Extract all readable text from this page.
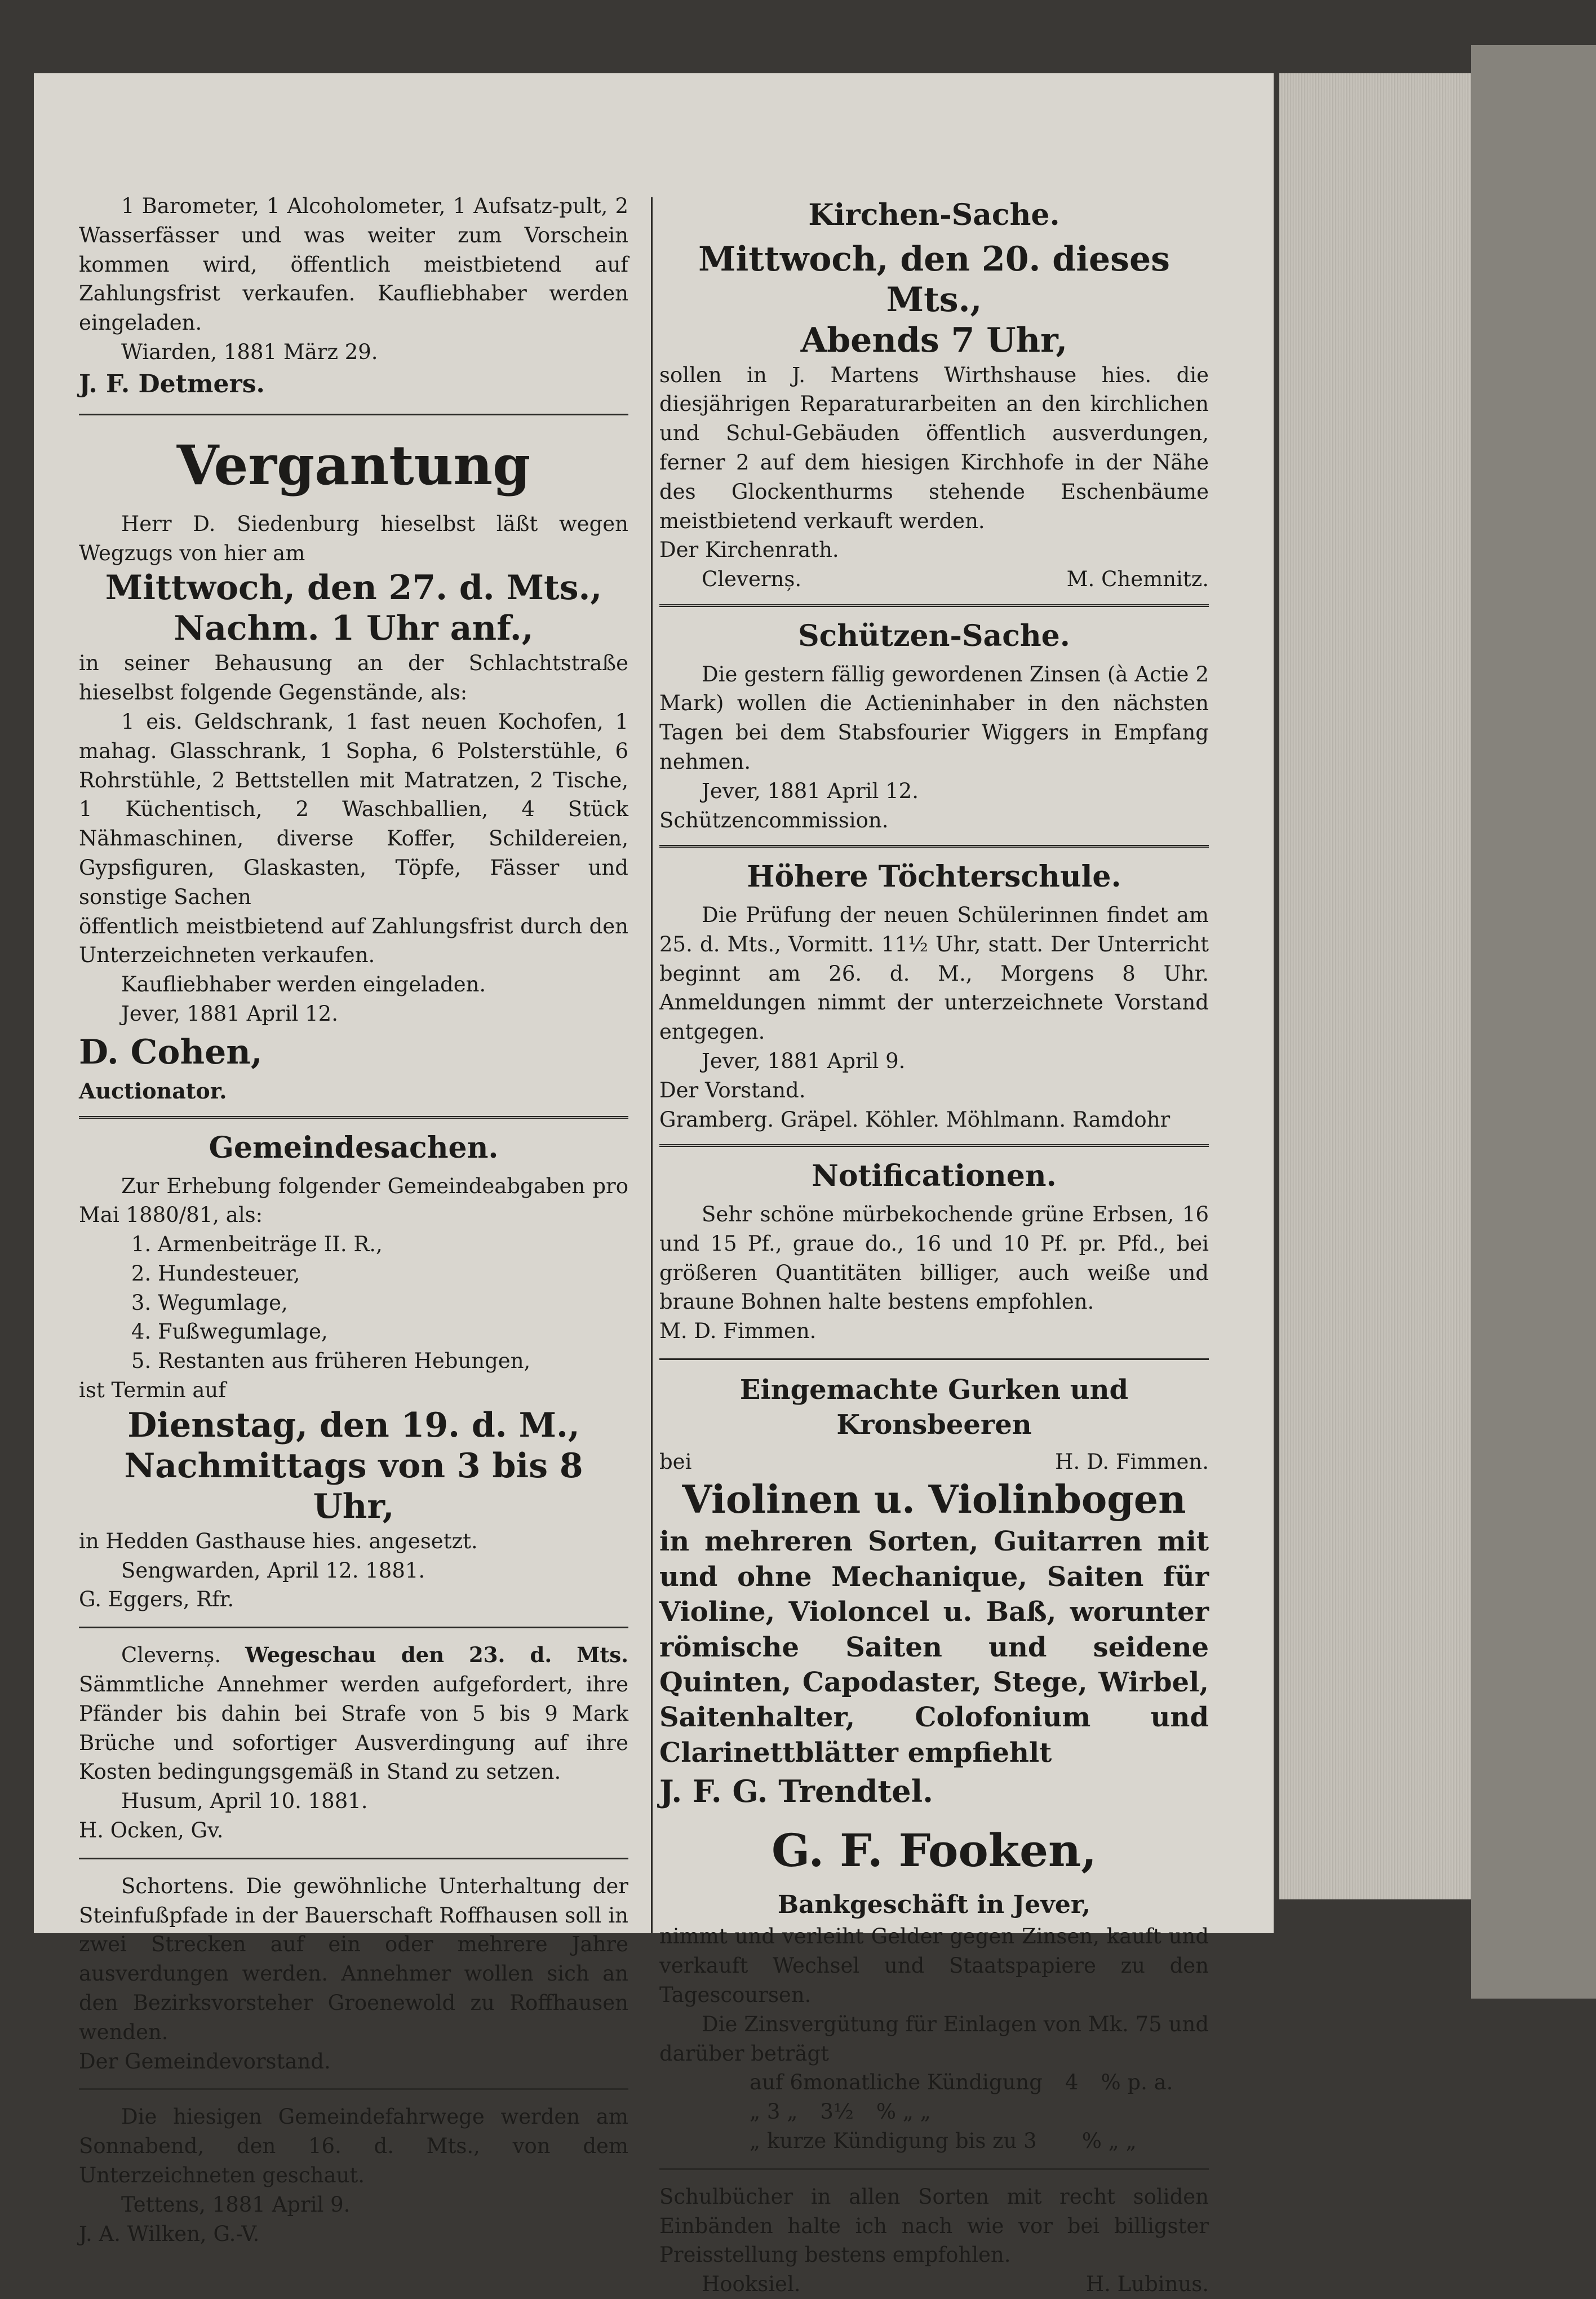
1 Barometer, 1 Alcoholometer, 1 Aufsatz-pult, 2 Wasserfässer und was weiter zum Vorschein kommen wird, öffentlich meistbietend auf Zahlungsfrist verkaufen. Kaufliebhaber werden eingeladen.

Wiarden, 1881 März 29.

J. F. Detmers.

Vergantung

Herr D. Siedenburg hieselbst läßt wegen Wegzugs von hier am

Mittwoch, den 27. d. Mts.,
Nachm. 1 Uhr anf.,

in seiner Behausung an der Schlachtstraße hieselbst folgende Gegenstände, als:

1 eis. Geldschrank, 1 fast neuen Kochofen, 1 mahag. Glasschrank, 1 Sopha, 6 Polsterstühle, 6 Rohrstühle, 2 Bettstellen mit Matratzen, 2 Tische, 1 Küchentisch, 2 Waschballien, 4 Stück Nähmaschinen, diverse Koffer, Schildereien, Gypsfiguren, Glaskasten, Töpfe, Fässer und sonstige Sachen

öffentlich meistbietend auf Zahlungsfrist durch den Unterzeichneten verkaufen.

Kaufliebhaber werden eingeladen.

Jever, 1881 April 12.

D. Cohen,

Auctionator.

Gemeindesachen.

Zur Erhebung folgender Gemeindeabgaben pro Mai 1880/81, als:

1. Armenbeiträge II. R.,
2. Hundesteuer,
3. Wegumlage,
4. Fußwegumlage,
5. Restanten aus früheren Hebungen,

ist Termin auf

Dienstag, den 19. d. M.,
Nachmittags von 3 bis 8 Uhr,

in Hedden Gasthause hies. angesetzt.

Sengwarden, April 12. 1881.

G. Eggers, Rfr.

Clevernș. Wegeschau den 23. d. Mts. Sämmtliche Annehmer werden aufgefordert, ihre Pfänder bis dahin bei Strafe von 5 bis 9 Mark Brüche und sofortiger Ausverdingung auf ihre Kosten bedingungsgemäß in Stand zu setzen.

Husum, April 10. 1881.

H. Ocken, Gv.

Schortens. Die gewöhnliche Unterhaltung der Steinfußpfade in der Bauerschaft Roffhausen soll in zwei Strecken auf ein oder mehrere Jahre ausverdungen werden. Annehmer wollen sich an den Bezirksvorsteher Groenewold zu Roffhausen wenden.

Der Gemeindevorstand.

Die hiesigen Gemeindefahrwege werden am Sonnabend, den 16. d. Mts., von dem Unterzeichneten geschaut.

Tettens, 1881 April 9.

J. A. Wilken, G.-V.

Kirchen-Sache.
Mittwoch, den 20. dieses Mts.,
Abends 7 Uhr,

sollen in J. Martens Wirthshause hies. die diesjährigen Reparaturarbeiten an den kirchlichen und Schul-Gebäuden öffentlich ausverdungen, ferner 2 auf dem hiesigen Kirchhofe in der Nähe des Glockenthurms stehende Eschenbäume meistbietend verkauft werden.

Der Kirchenrath.

Clevernș.	M. Chemnitz.
Schützen-Sache.

Die gestern fällig gewordenen Zinsen (à Actie 2 Mark) wollen die Actieninhaber in den nächsten Tagen bei dem Stabsfourier Wiggers in Empfang nehmen.

Jever, 1881 April 12.

Schützencommission.

Höhere Töchterschule.

Die Prüfung der neuen Schülerinnen findet am 25. d. Mts., Vormitt. 11½ Uhr, statt. Der Unterricht beginnt am 26. d. M., Morgens 8 Uhr. Anmeldungen nimmt der unterzeichnete Vorstand entgegen.

Jever, 1881 April 9.

Der Vorstand.

Gramberg. Gräpel. Köhler. Möhlmann. Ramdohr

Notificationen.

Sehr schöne mürbekochende grüne Erbsen, 16 und 15 Pf., graue do., 16 und 10 Pf. pr. Pfd., bei größeren Quantitäten billiger, auch weiße und braune Bohnen halte bestens empfohlen.

M. D. Fimmen.

Eingemachte Gurken und Kronsbeeren
bei	H. D. Fimmen.
Violinen u. Violinbogen

in mehreren Sorten, Guitarren mit und ohne Mechanique, Saiten für Violine, Violoncel u. Baß, worunter römische Saiten und seidene Quinten, Capodaster, Stege, Wirbel, Saitenhalter, Colofonium und Clarinettblätter empfiehlt

J. F. G. Trendtel.

G. F. Fooken,
Bankgeschäft in Jever,

nimmt und verleiht Gelder gegen Zinsen, kauft und verkauft Wechsel und Staatspapiere zu den Tagescoursen.

Die Zinsvergütung für Einlagen von Mk. 75 und darüber beträgt

auf 6monatliche Kündigung 4 % p. a.
„ 3 „ 3½ % „ „
„ kurze Kündigung bis zu 3 % „ „

Schulbücher in allen Sorten mit recht soliden Einbänden halte ich nach wie vor bei billigster Preisstellung bestens empfohlen.

Hooksiel.	H. Lubinus.
